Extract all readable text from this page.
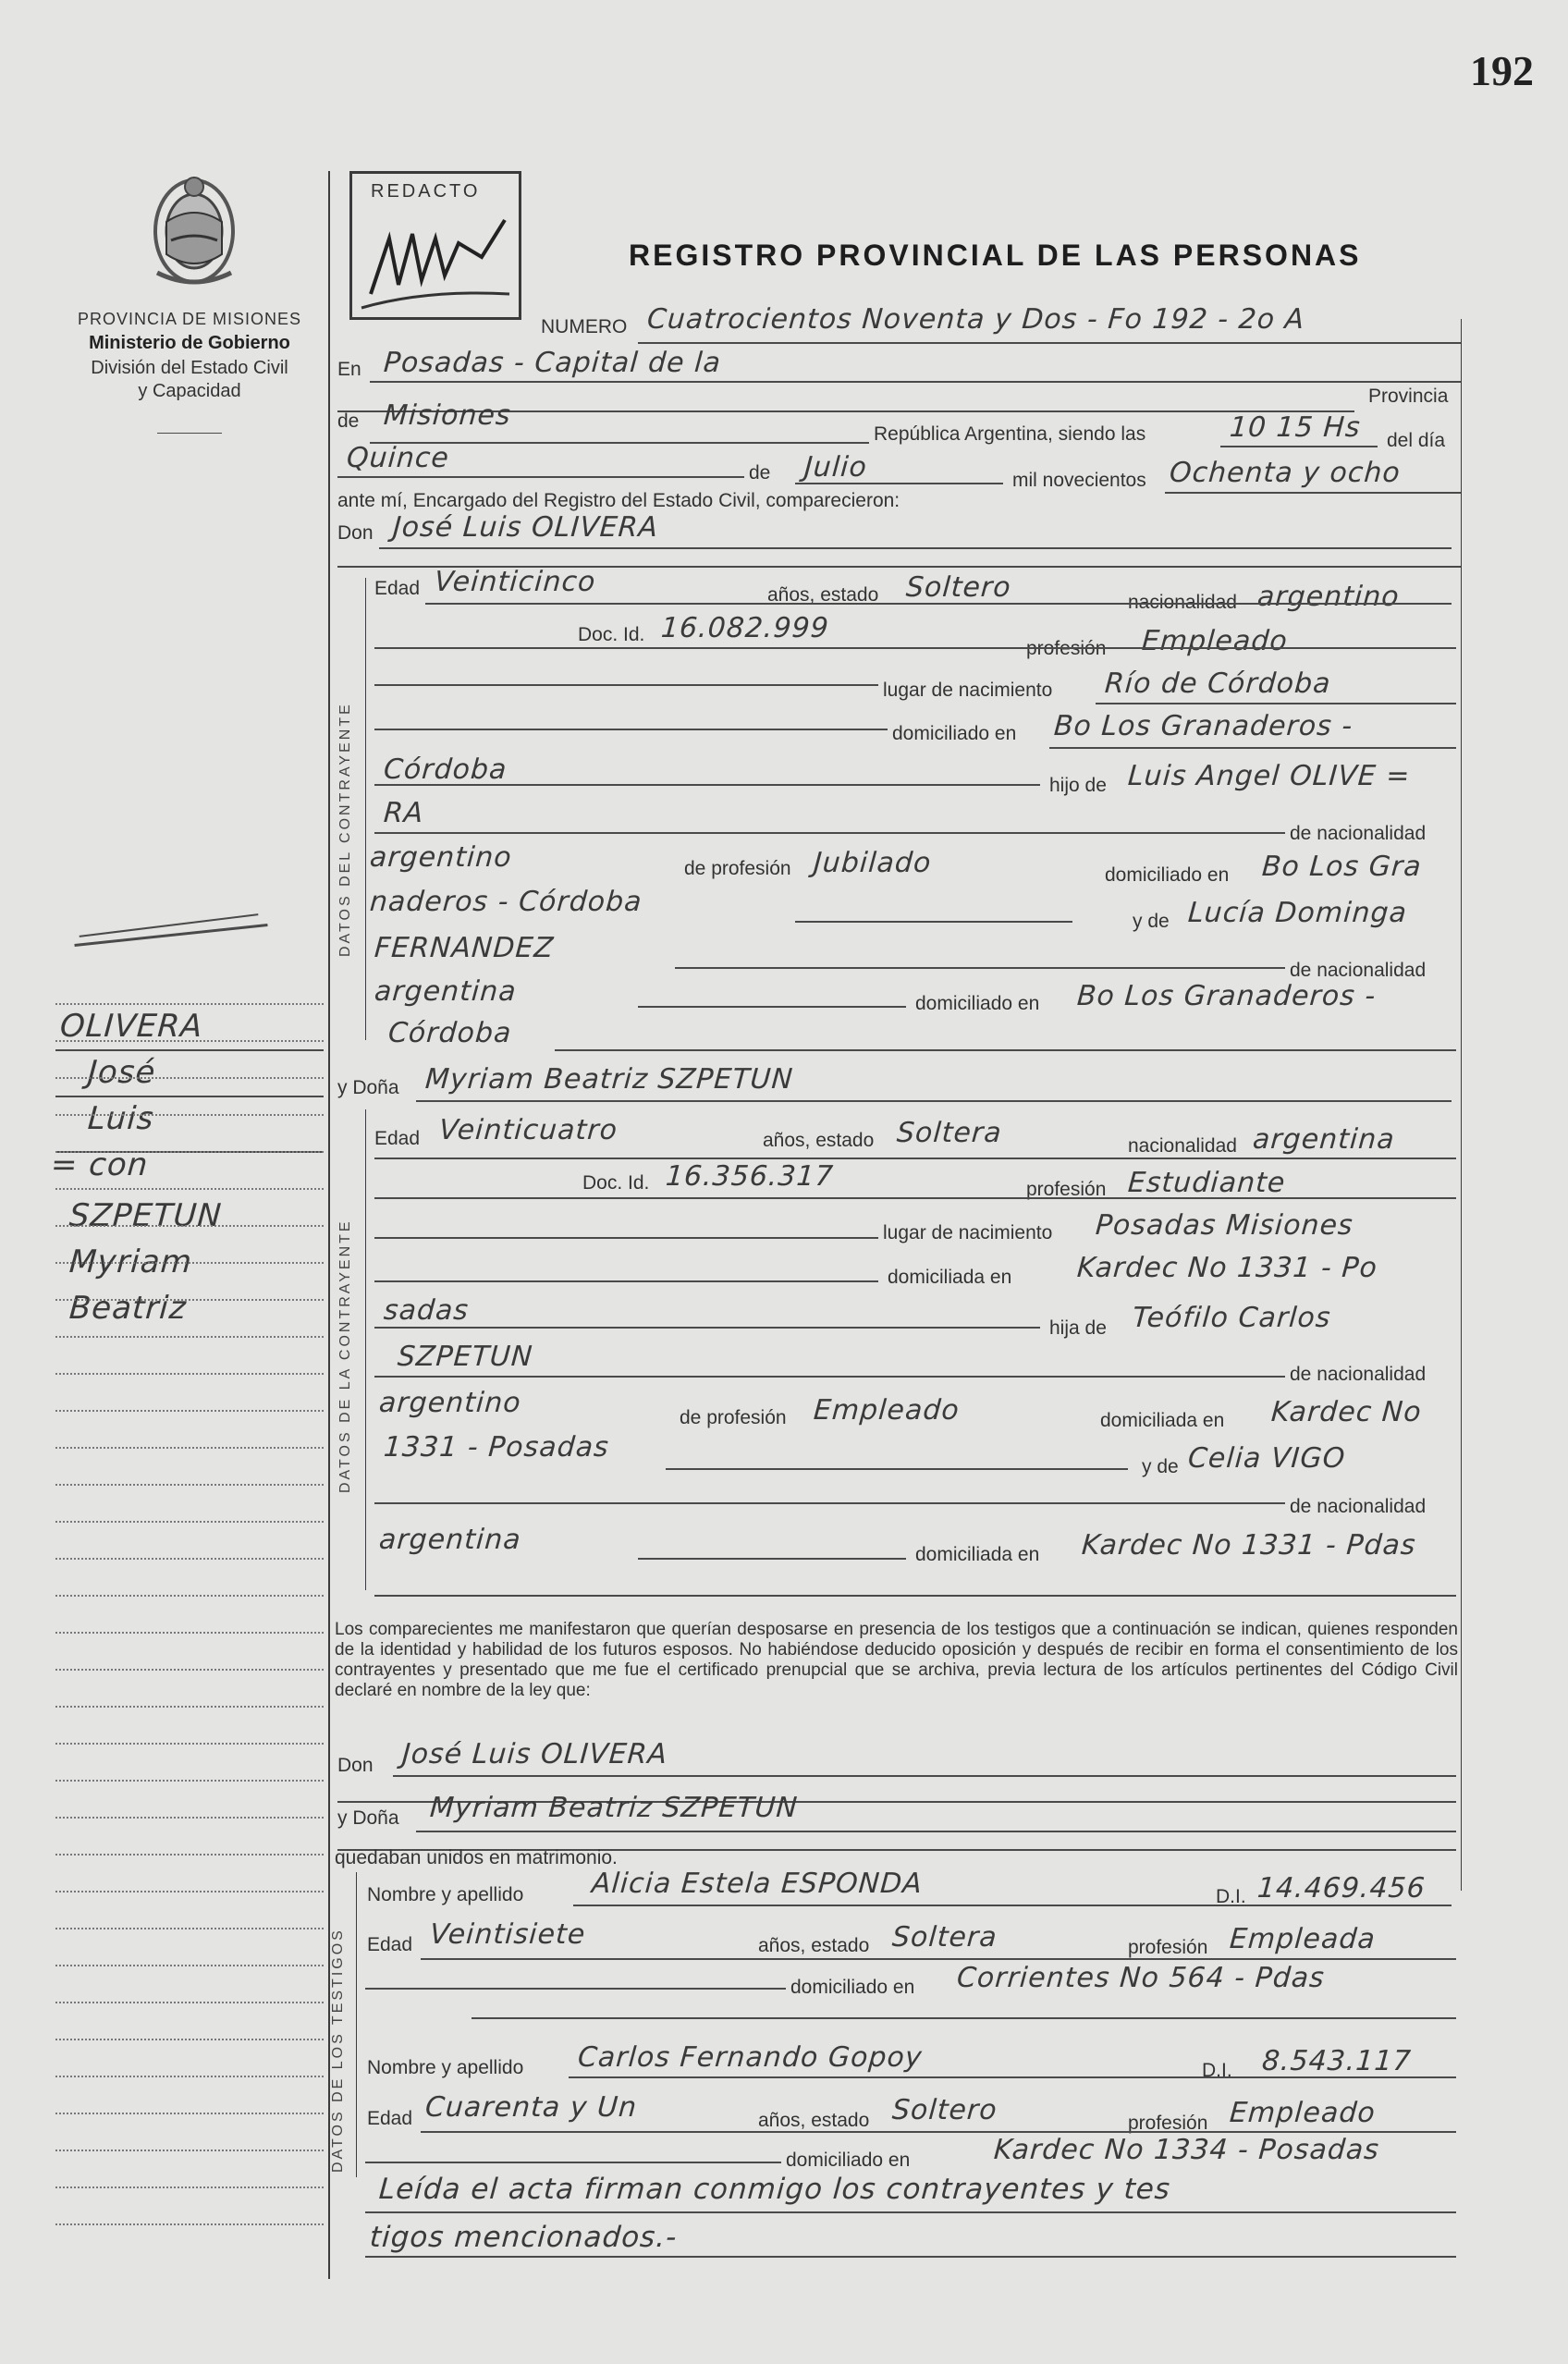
192
PROVINCIA DE MISIONES
Ministerio de Gobierno
División del Estado Civil
y Capacidad
OLIVERA
José
Luis
= con
SZPETUN
Myriam
Beatriz
REDACTO
REGISTRO PROVINCIAL DE LAS PERSONAS
NUMERO Cuatrocientos Noventa y Dos - Fo 192 - 2o A
En Posadas - Capital de la
Provincia
de Misiones
República Argentina, siendo las	10 15 Hs del día
Quince	de Julio	mil novecientos Ochenta y ocho
ante mí, Encargado del Registro del Estado Civil, comparecieron:
Don José Luis OLIVERA
DATOS DEL CONTRAYENTE
DATOS DE LA CONTRAYENTE
DATOS DE LOS TESTIGOS
Edad Veinticinco	años, estado Soltero	nacionalidad argentino
Doc. Id. 16.082.999
profesión Empleado
lugar de nacimiento Río de Córdoba
domiciliado en Bo Los Granaderos -
Córdoba	hijo de Luis Angel OLIVE =
RA
de nacionalidad
argentino	de profesión Jubilado	domiciliado en Bo Los Gra
naderos - Córdoba
y de Lucía Dominga
FERNANDEZ
de nacionalidad
argentina	domiciliado en Bo Los Granaderos -
Córdoba
y Doña Myriam Beatriz SZPETUN
Edad Veinticuatro	años, estado Soltera	nacionalidad argentina
Doc. Id. 16.356.317	profesión Estudiante
lugar de nacimiento Posadas Misiones
domiciliada en Kardec No 1331 - Po
sadas
hija de Teófilo Carlos
SZPETUN
de nacionalidad
argentino	de profesión Empleado	domiciliada en Kardec No
1331 - Posadas
y de Celia VIGO
de nacionalidad
argentina	domiciliada en Kardec No 1331 - Pdas
Los comparecientes me manifestaron que querían desposarse en presencia de los testigos que a continuación se indican, quienes responden de la identidad y habilidad de los futuros esposos. No habiéndose deducido oposición y después de recibir en forma el consentimiento de los contrayentes y presentado que me fue el certificado prenupcial que se archiva, previa lectura de los artículos pertinentes del Código Civil declaré en nombre de la ley que:
Don José Luis OLIVERA
y Doña Myriam Beatriz SZPETUN
quedaban unidos en matrimonio.
Nombre y apellido Alicia Estela ESPONDA	D.I. 14.469.456
Edad Veintisiete	años, estado Soltera	profesión Empleada
domiciliado en Corrientes No 564 - Pdas
Nombre y apellido Carlos Fernando Gopoy	D.I. 8.543.117
Edad Cuarenta y Un	años, estado Soltero	profesión Empleado
domiciliado en	Kardec No 1334 - Posadas
Leída el acta firman conmigo los contrayentes y tes
tigos mencionados.-
